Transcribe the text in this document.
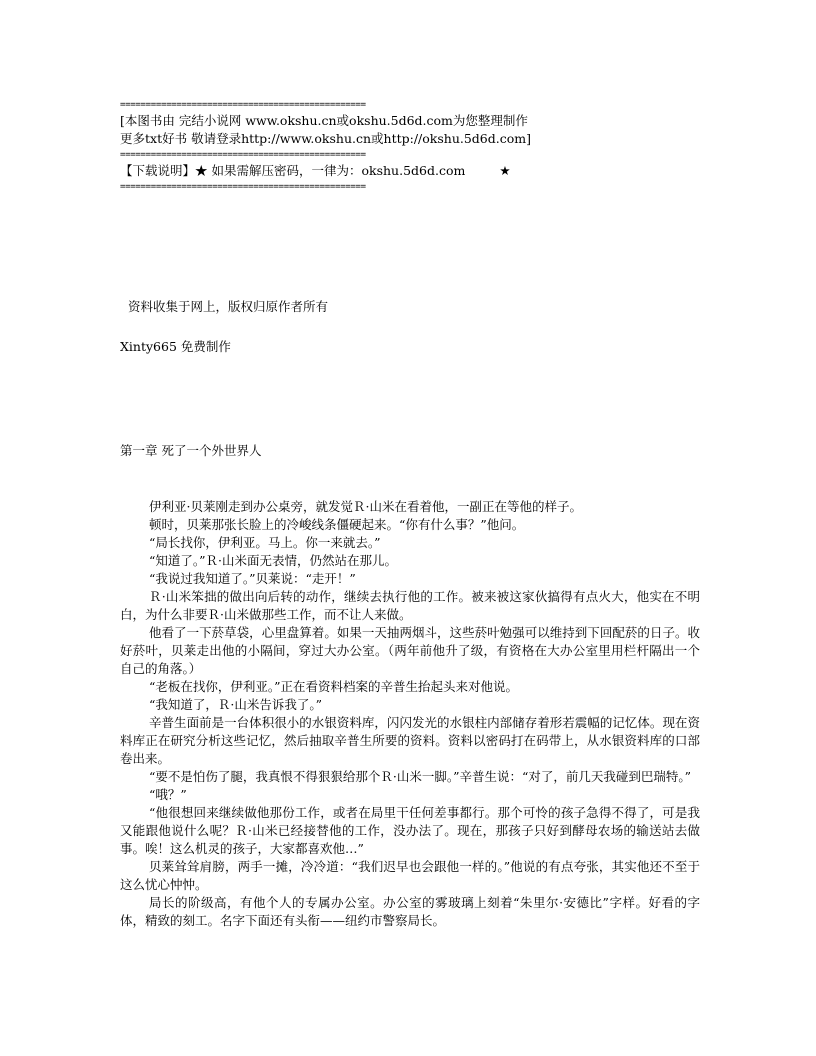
================================================
[本图书由 完结小说网 www.okshu.cn或okshu.5d6d.com为您整理制作
更多txt好书 敬请登录http://www.okshu.cn或http://okshu.5d6d.com]
================================================
【下载说明】★ 如果需解压密码，一律为：okshu.5d6d.com	★
================================================
资料收集于网上，版权归原作者所有
Xinty665 免费制作
第一章 死了一个外世界人

伊利亚·贝莱刚走到办公桌旁，就发觉Ｒ·山米在看着他，一副正在等他的样子。

顿时，贝莱那张长脸上的冷峻线条僵硬起来。“你有什么事？”他问。

“局长找你，伊利亚。马上。你一来就去。”

“知道了。”Ｒ·山米面无表情，仍然站在那儿。

“我说过我知道了。”贝莱说：“走开！”

Ｒ·山米笨拙的做出向后转的动作，继续去执行他的工作。被来被这家伙搞得有点火大，他实在不明白，为什么非要Ｒ·山米做那些工作，而不让人来做。

他看了一下菸草袋，心里盘算着。如果一天抽两烟斗，这些菸叶勉强可以维持到下回配菸的日子。收好菸叶，贝莱走出他的小隔间，穿过大办公室。（两年前他升了级，有资格在大办公室里用栏杆隔出一个自己的角落。）

“老板在找你，伊利亚。”正在看资料档案的辛普生抬起头来对他说。

“我知道了，Ｒ·山米告诉我了。”

辛普生面前是一台体积很小的水银资料库，闪闪发光的水银柱内部储存着形若震幅的记忆体。现在资料库正在研究分析这些记忆，然后抽取辛普生所要的资料。资料以密码打在码带上，从水银资料库的口部卷出来。

“要不是怕伤了腿，我真恨不得狠狠给那个Ｒ·山米一脚。”辛普生说：“对了，前几天我碰到巴瑞特。”

“哦？”

“他很想回来继续做他那份工作，或者在局里干任何差事都行。那个可怜的孩子急得不得了，可是我又能跟他说什么呢？Ｒ·山米已经接替他的工作，没办法了。现在，那孩子只好到酵母农场的输送站去做事。唉！这么机灵的孩子，大家都喜欢他…”

贝莱耸耸肩膀，两手一摊，冷冷道：“我们迟早也会跟他一样的。”他说的有点夸张，其实他还不至于这么忧心忡忡。

局长的阶级高，有他个人的专属办公室。办公室的雾玻璃上刻着“朱里尔·安德比”字样。好看的字体，精致的刻工。名字下面还有头衔——纽约市警察局长。
